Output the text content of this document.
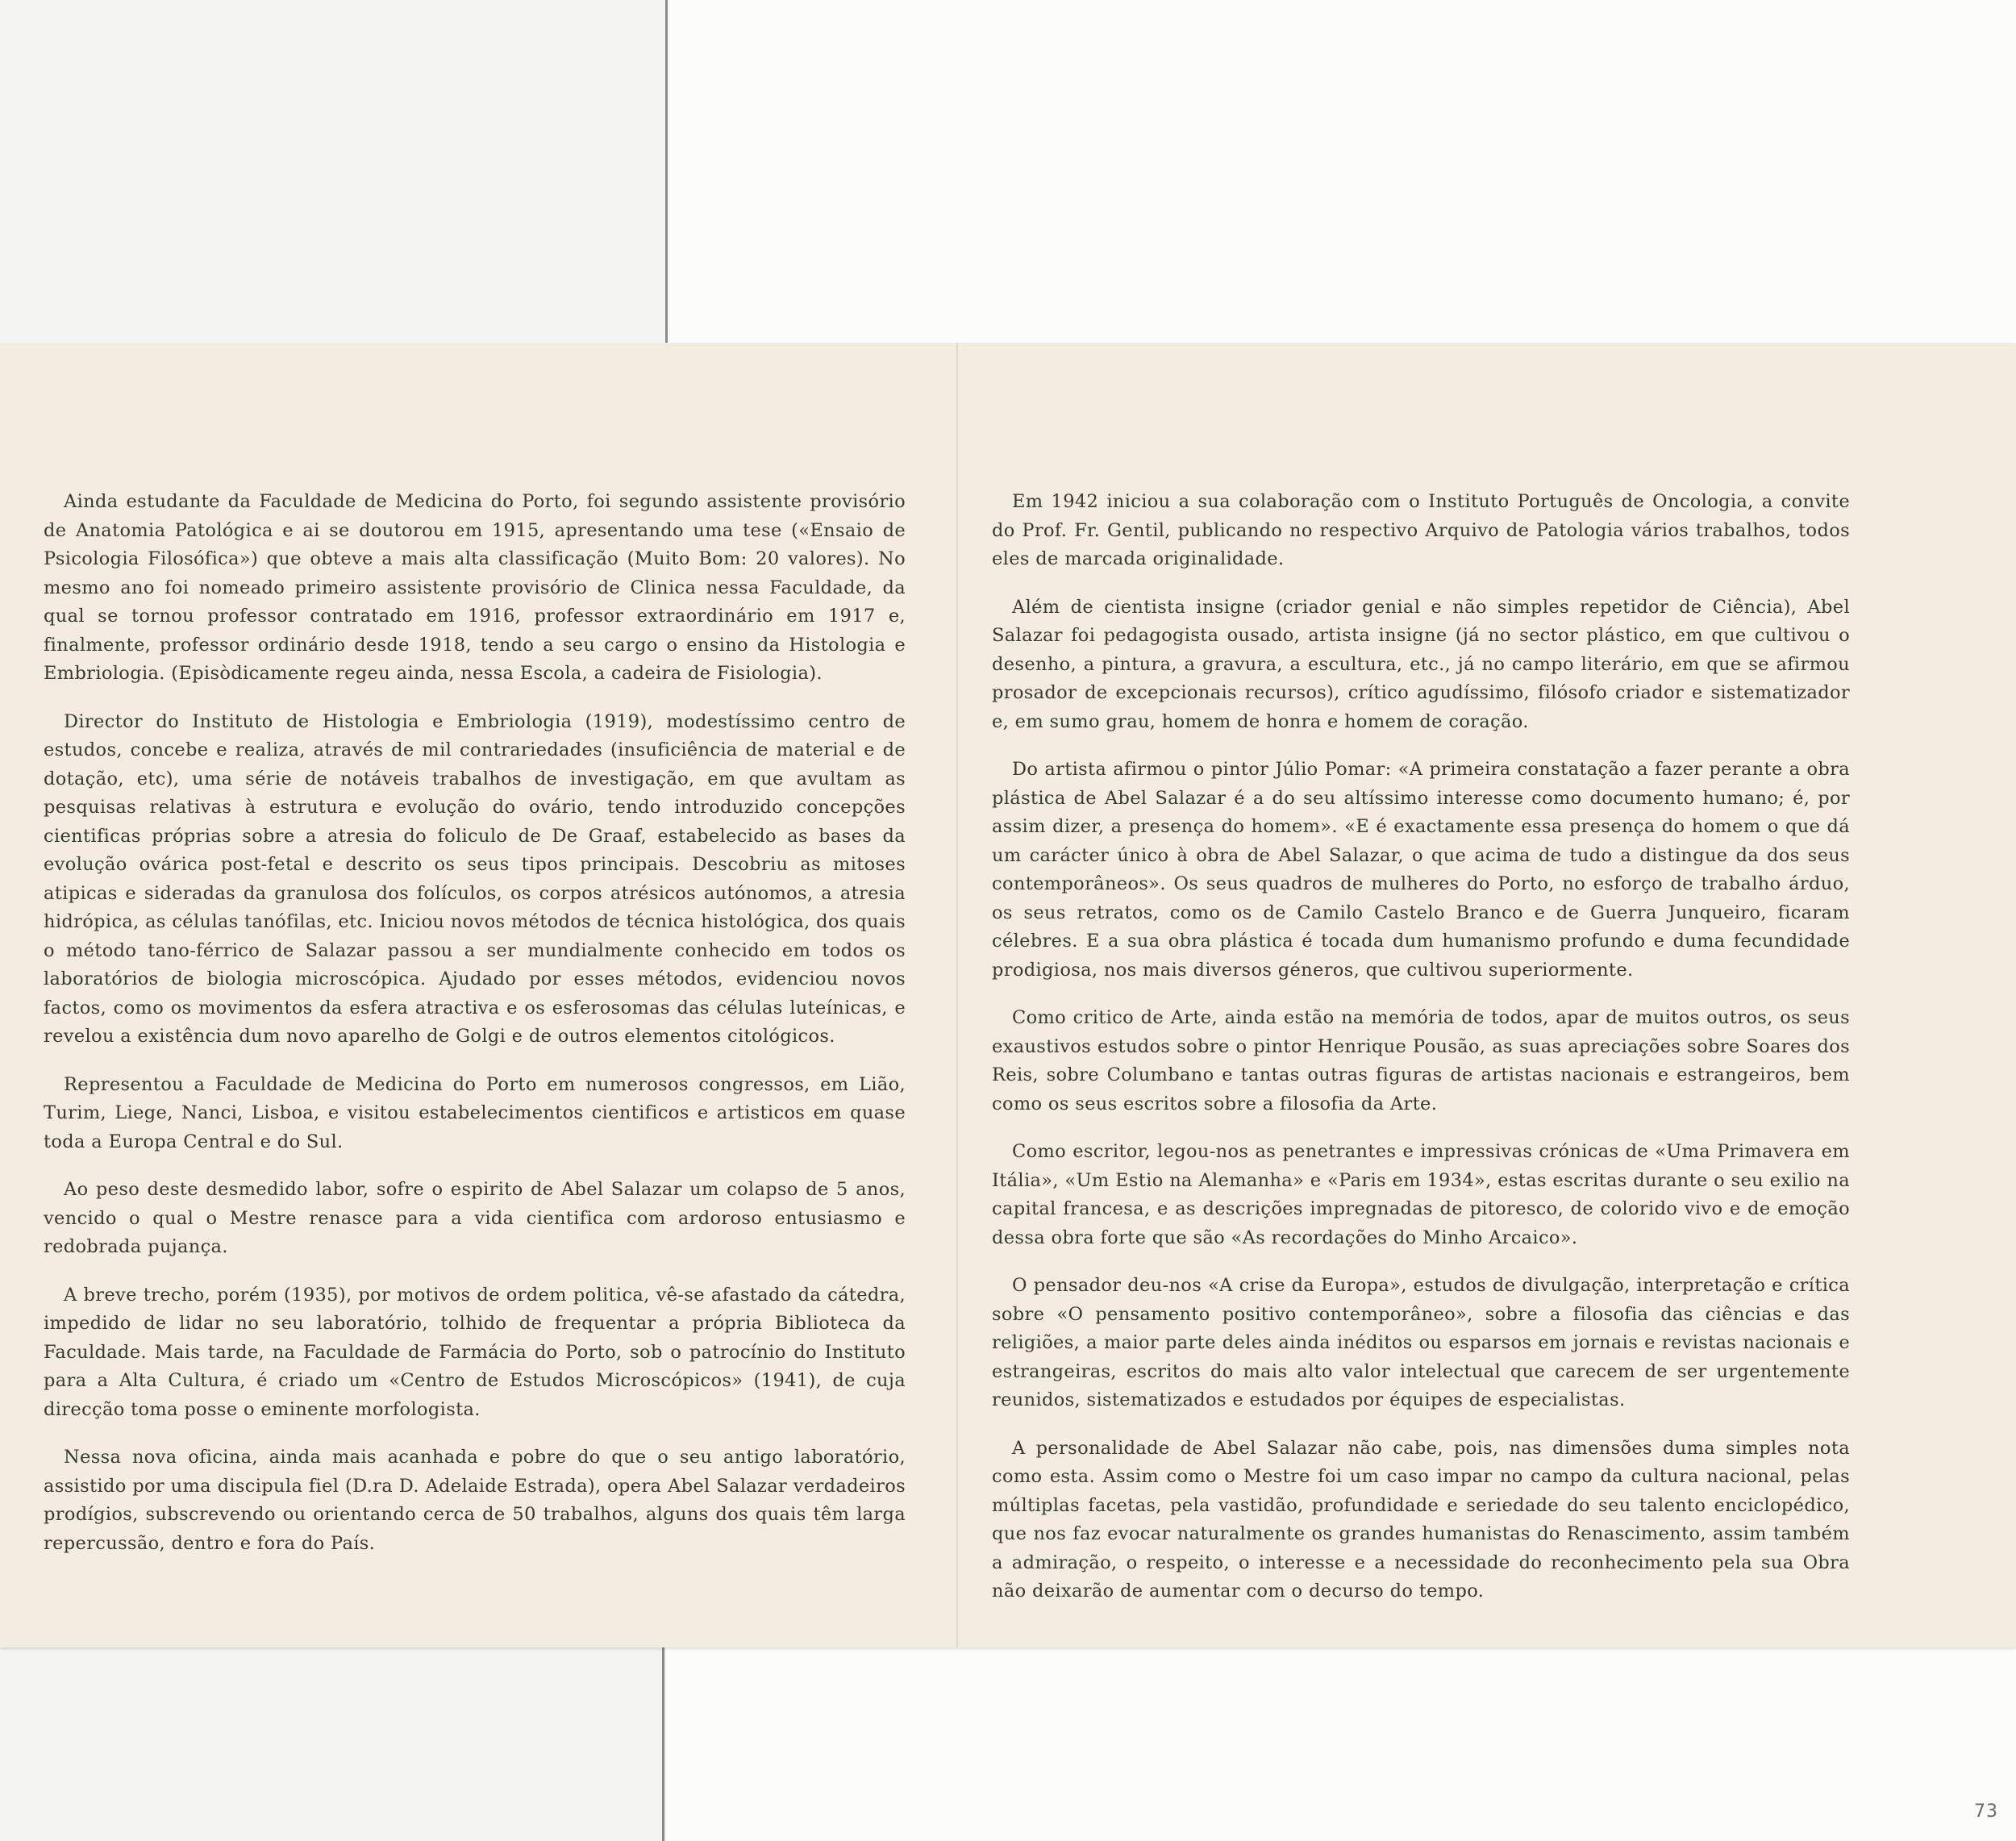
Ainda estudante da Faculdade de Medicina do Porto, foi segundo assistente provisório de Anatomia Patológica e ai se doutorou em 1915, apresentando uma tese («Ensaio de Psicologia Filosófica») que obteve a mais alta classificação (Muito Bom: 20 valores). No mesmo ano foi nomeado primeiro assistente provisório de Clinica nessa Faculdade, da qual se tornou professor contratado em 1916, professor extraordinário em 1917 e, finalmente, professor ordinário desde 1918, tendo a seu cargo o ensino da Histologia e Embriologia. (Episòdicamente regeu ainda, nessa Escola, a cadeira de Fisiologia).

Director do Instituto de Histologia e Embriologia (1919), modestíssimo centro de estudos, concebe e realiza, através de mil contrariedades (insuficiência de material e de dotação, etc), uma série de notáveis trabalhos de investigação, em que avultam as pesquisas relativas à estrutura e evolução do ovário, tendo introduzido concepções cientificas próprias sobre a atresia do foliculo de De Graaf, estabelecido as bases da evolução ovárica post-fetal e descrito os seus tipos principais. Descobriu as mitoses atipicas e sideradas da granulosa dos folículos, os corpos atrésicos autónomos, a atresia hidrópica, as células tanófilas, etc. Iniciou novos métodos de técnica histológica, dos quais o método tano-férrico de Salazar passou a ser mundialmente conhecido em todos os laboratórios de biologia microscópica. Ajudado por esses métodos, evidenciou novos factos, como os movimentos da esfera atractiva e os esferosomas das células luteínicas, e revelou a existência dum novo aparelho de Golgi e de outros elementos citológicos.

Representou a Faculdade de Medicina do Porto em numerosos congressos, em Lião, Turim, Liege, Nanci, Lisboa, e visitou estabelecimentos cientificos e artisticos em quase toda a Europa Central e do Sul.

Ao peso deste desmedido labor, sofre o espirito de Abel Salazar um colapso de 5 anos, vencido o qual o Mestre renasce para a vida cientifica com ardoroso entusiasmo e redobrada pujança.

A breve trecho, porém (1935), por motivos de ordem politica, vê-se afastado da cátedra, impedido de lidar no seu laboratório, tolhido de frequentar a própria Biblioteca da Faculdade. Mais tarde, na Faculdade de Farmácia do Porto, sob o patrocínio do Instituto para a Alta Cultura, é criado um «Centro de Estudos Microscópicos» (1941), de cuja direcção toma posse o eminente morfologista.

Nessa nova oficina, ainda mais acanhada e pobre do que o seu antigo laboratório, assistido por uma discipula fiel (D.ra D. Adelaide Estrada), opera Abel Salazar verdadeiros prodígios, subscrevendo ou orientando cerca de 50 trabalhos, alguns dos quais têm larga repercussão, dentro e fora do País.

Em 1942 iniciou a sua colaboração com o Instituto Português de Oncologia, a convite do Prof. Fr. Gentil, publicando no respectivo Arquivo de Patologia vários trabalhos, todos eles de marcada originalidade.

Além de cientista insigne (criador genial e não simples repetidor de Ciência), Abel Salazar foi pedagogista ousado, artista insigne (já no sector plástico, em que cultivou o desenho, a pintura, a gravura, a escultura, etc., já no campo literário, em que se afirmou prosador de excepcionais recursos), crítico agudíssimo, filósofo criador e sistematizador e, em sumo grau, homem de honra e homem de coração.

Do artista afirmou o pintor Júlio Pomar: «A primeira constatação a fazer perante a obra plástica de Abel Salazar é a do seu altíssimo interesse como documento humano; é, por assim dizer, a presença do homem». «E é exactamente essa presença do homem o que dá um carácter único à obra de Abel Salazar, o que acima de tudo a distingue da dos seus contemporâneos». Os seus quadros de mulheres do Porto, no esforço de trabalho árduo, os seus retratos, como os de Camilo Castelo Branco e de Guerra Junqueiro, ficaram célebres. E a sua obra plástica é tocada dum humanismo profundo e duma fecundidade prodigiosa, nos mais diversos géneros, que cultivou superiormente.

Como critico de Arte, ainda estão na memória de todos, apar de muitos outros, os seus exaustivos estudos sobre o pintor Henrique Pousão, as suas apreciações sobre Soares dos Reis, sobre Columbano e tantas outras figuras de artistas nacionais e estrangeiros, bem como os seus escritos sobre a filosofia da Arte.

Como escritor, legou-nos as penetrantes e impressivas crónicas de «Uma Primavera em Itália», «Um Estio na Alemanha» e «Paris em 1934», estas escritas durante o seu exilio na capital francesa, e as descrições impregnadas de pitoresco, de colorido vivo e de emoção dessa obra forte que são «As recordações do Minho Arcaico».

O pensador deu-nos «A crise da Europa», estudos de divulgação, interpretação e crítica sobre «O pensamento positivo contemporâneo», sobre a filosofia das ciências e das religiões, a maior parte deles ainda inéditos ou esparsos em jornais e revistas nacionais e estrangeiras, escritos do mais alto valor intelectual que carecem de ser urgentemente reunidos, sistematizados e estudados por équipes de especialistas.

A personalidade de Abel Salazar não cabe, pois, nas dimensões duma simples nota como esta. Assim como o Mestre foi um caso impar no campo da cultura nacional, pelas múltiplas facetas, pela vastidão, profundidade e seriedade do seu talento enciclopédico, que nos faz evocar naturalmente os grandes humanistas do Renascimento, assim também a admiração, o respeito, o interesse e a necessidade do reconhecimento pela sua Obra não deixarão de aumentar com o decurso do tempo.

73
